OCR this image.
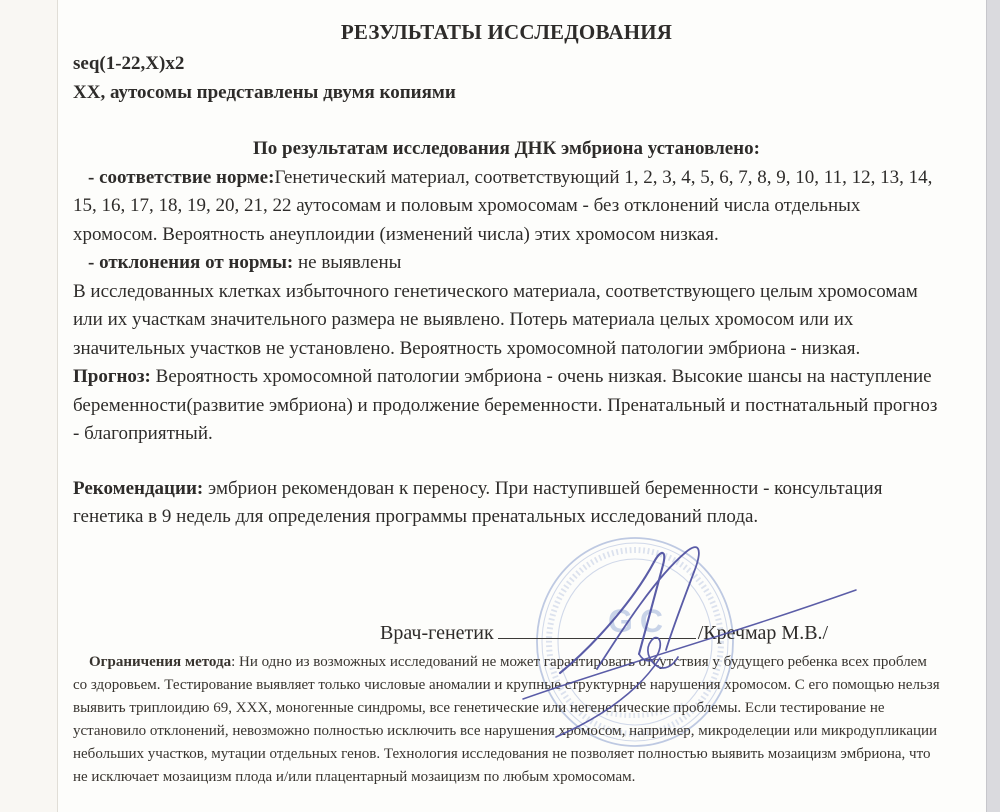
GC
РЕЗУЛЬТАТЫ ИССЛЕДОВАНИЯ

seq(1-22,X)x2

XX, аутосомы представлены двумя копиями

По результатам исследования ДНК эмбриона установлено:

- соответствие норме:Генетический материал, соответствующий 1, 2, 3, 4, 5, 6, 7, 8, 9, 10, 11, 12, 13, 14, 15, 16, 17, 18, 19, 20, 21, 22 аутосомам и половым хромосомам - без отклонений числа отдельных хромосом. Вероятность анеуплоидии (изменений числа) этих хромосом низкая.

- отклонения от нормы: не выявлены

В исследованных клетках избыточного генетического материала, соответствующего целым хромосомам или их участкам значительного размера не выявлено. Потерь материала целых хромосом или их значительных участков не установлено. Вероятность хромосомной патологии эмбриона - низкая.

Прогноз: Вероятность хромосомной патологии эмбриона - очень низкая. Высокие шансы на наступление беременности(развитие эмбриона) и продолжение беременности. Пренатальный и постнатальный прогноз - благоприятный.

Рекомендации: эмбрион рекомендован к переносу. При наступившей беременности - консультация генетика в 9 недель для определения программы пренатальных исследований плода.

Врач-генетик	/Кречмар М.В./

Ограничения метода: Ни одно из возможных исследований не может гарантировать отсутствия у будущего ребенка всех проблем со здоровьем. Тестирование выявляет только числовые аномалии и крупные структурные нарушения хромосом. С его помощью нельзя выявить триплоидию 69, XXX, моногенные синдромы, все генетические или негенетические проблемы. Если тестирование не установило отклонений, невозможно полностью исключить все нарушения хромосом, например, микроделеции или микродупликации небольших участков, мутации отдельных генов. Технология исследования не позволяет полностью выявить мозаицизм эмбриона, что не исключает мозаицизм плода и/или плацентарный мозаицизм по любым хромосомам.
